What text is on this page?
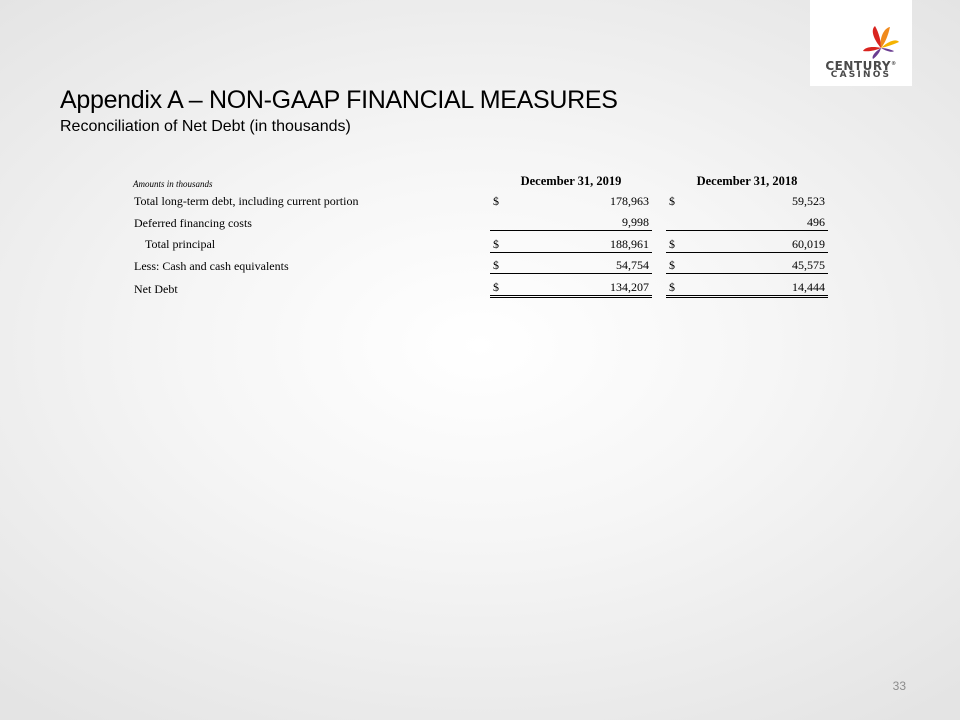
CENTURY®
CASINOS
Appendix A – NON-GAAP FINANCIAL MEASURES
Reconciliation of Net Debt (in thousands)
Amounts in thousands		December 31, 2019			December 31, 2018	
Total long-term debt, including current portion		$	178,963		$	59,523
Deferred financing costs			9,998			496
Total principal		$	188,961		$	60,019
Less: Cash and cash equivalents		$	54,754		$	45,575
Net Debt		$	134,207		$	14,444
33
